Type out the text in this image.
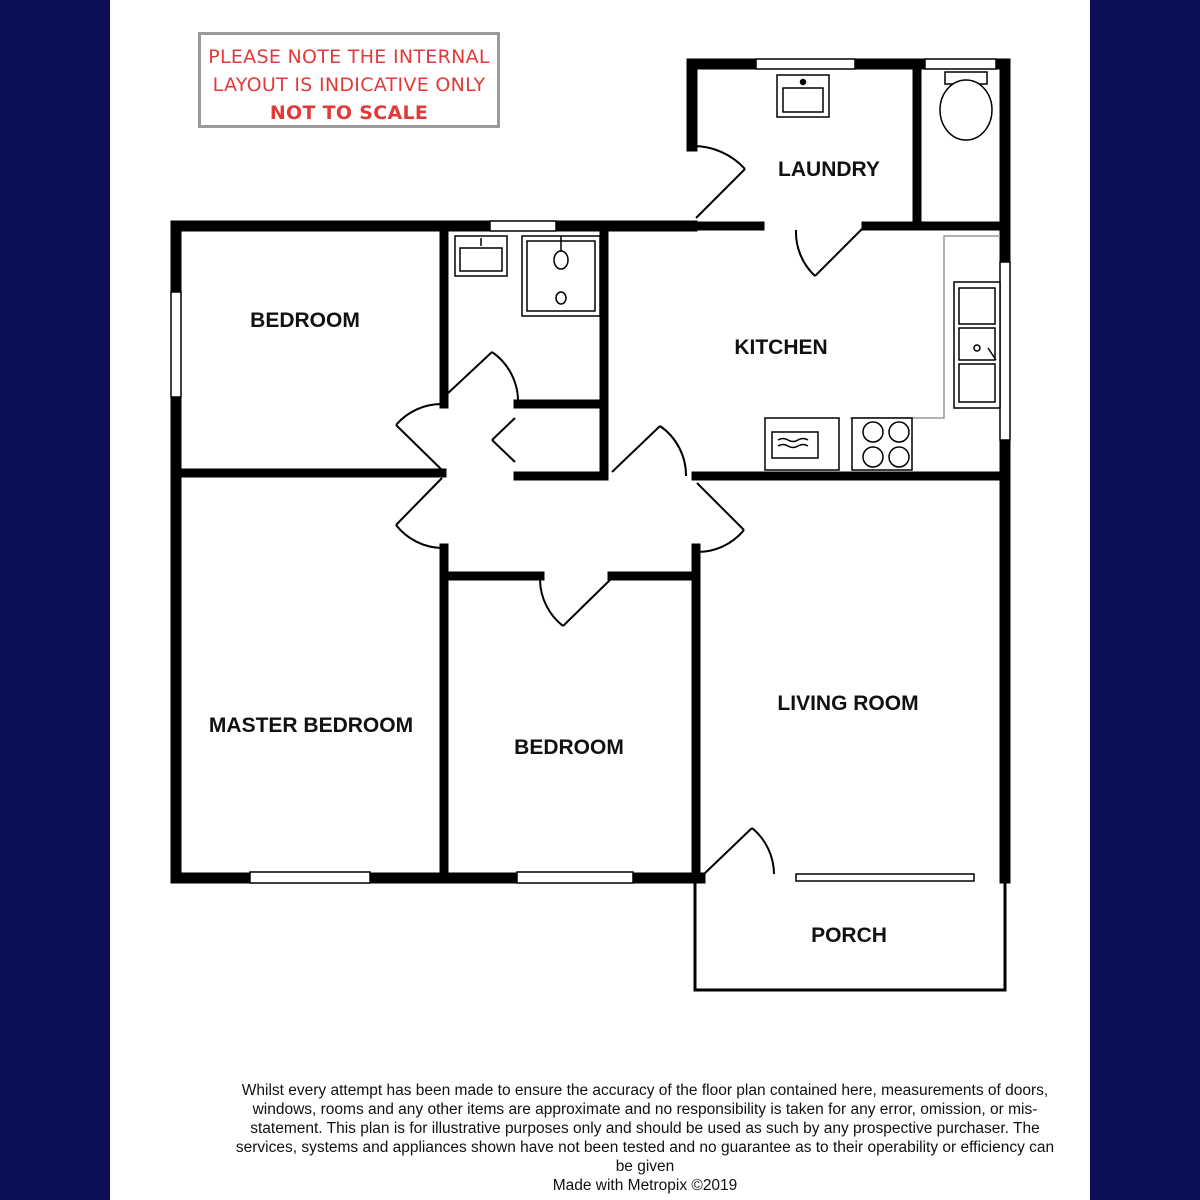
PLEASE NOTE THE INTERNAL
LAYOUT IS INDICATIVE ONLY
NOT TO SCALE
LAUNDRY
BEDROOM
KITCHEN
MASTER BEDROOM
BEDROOM
LIVING ROOM
PORCH
Whilst every attempt has been made to ensure the accuracy of the floor plan contained here, measurements of doors, windows, rooms and any other items are approximate and no responsibility is taken for any error, omission, or mis-statement. This plan is for illustrative purposes only and should be used as such by any prospective purchaser. The services, systems and appliances shown have not been tested and no guarantee as to their operability or efficiency can be given
Made with Metropix ©2019
